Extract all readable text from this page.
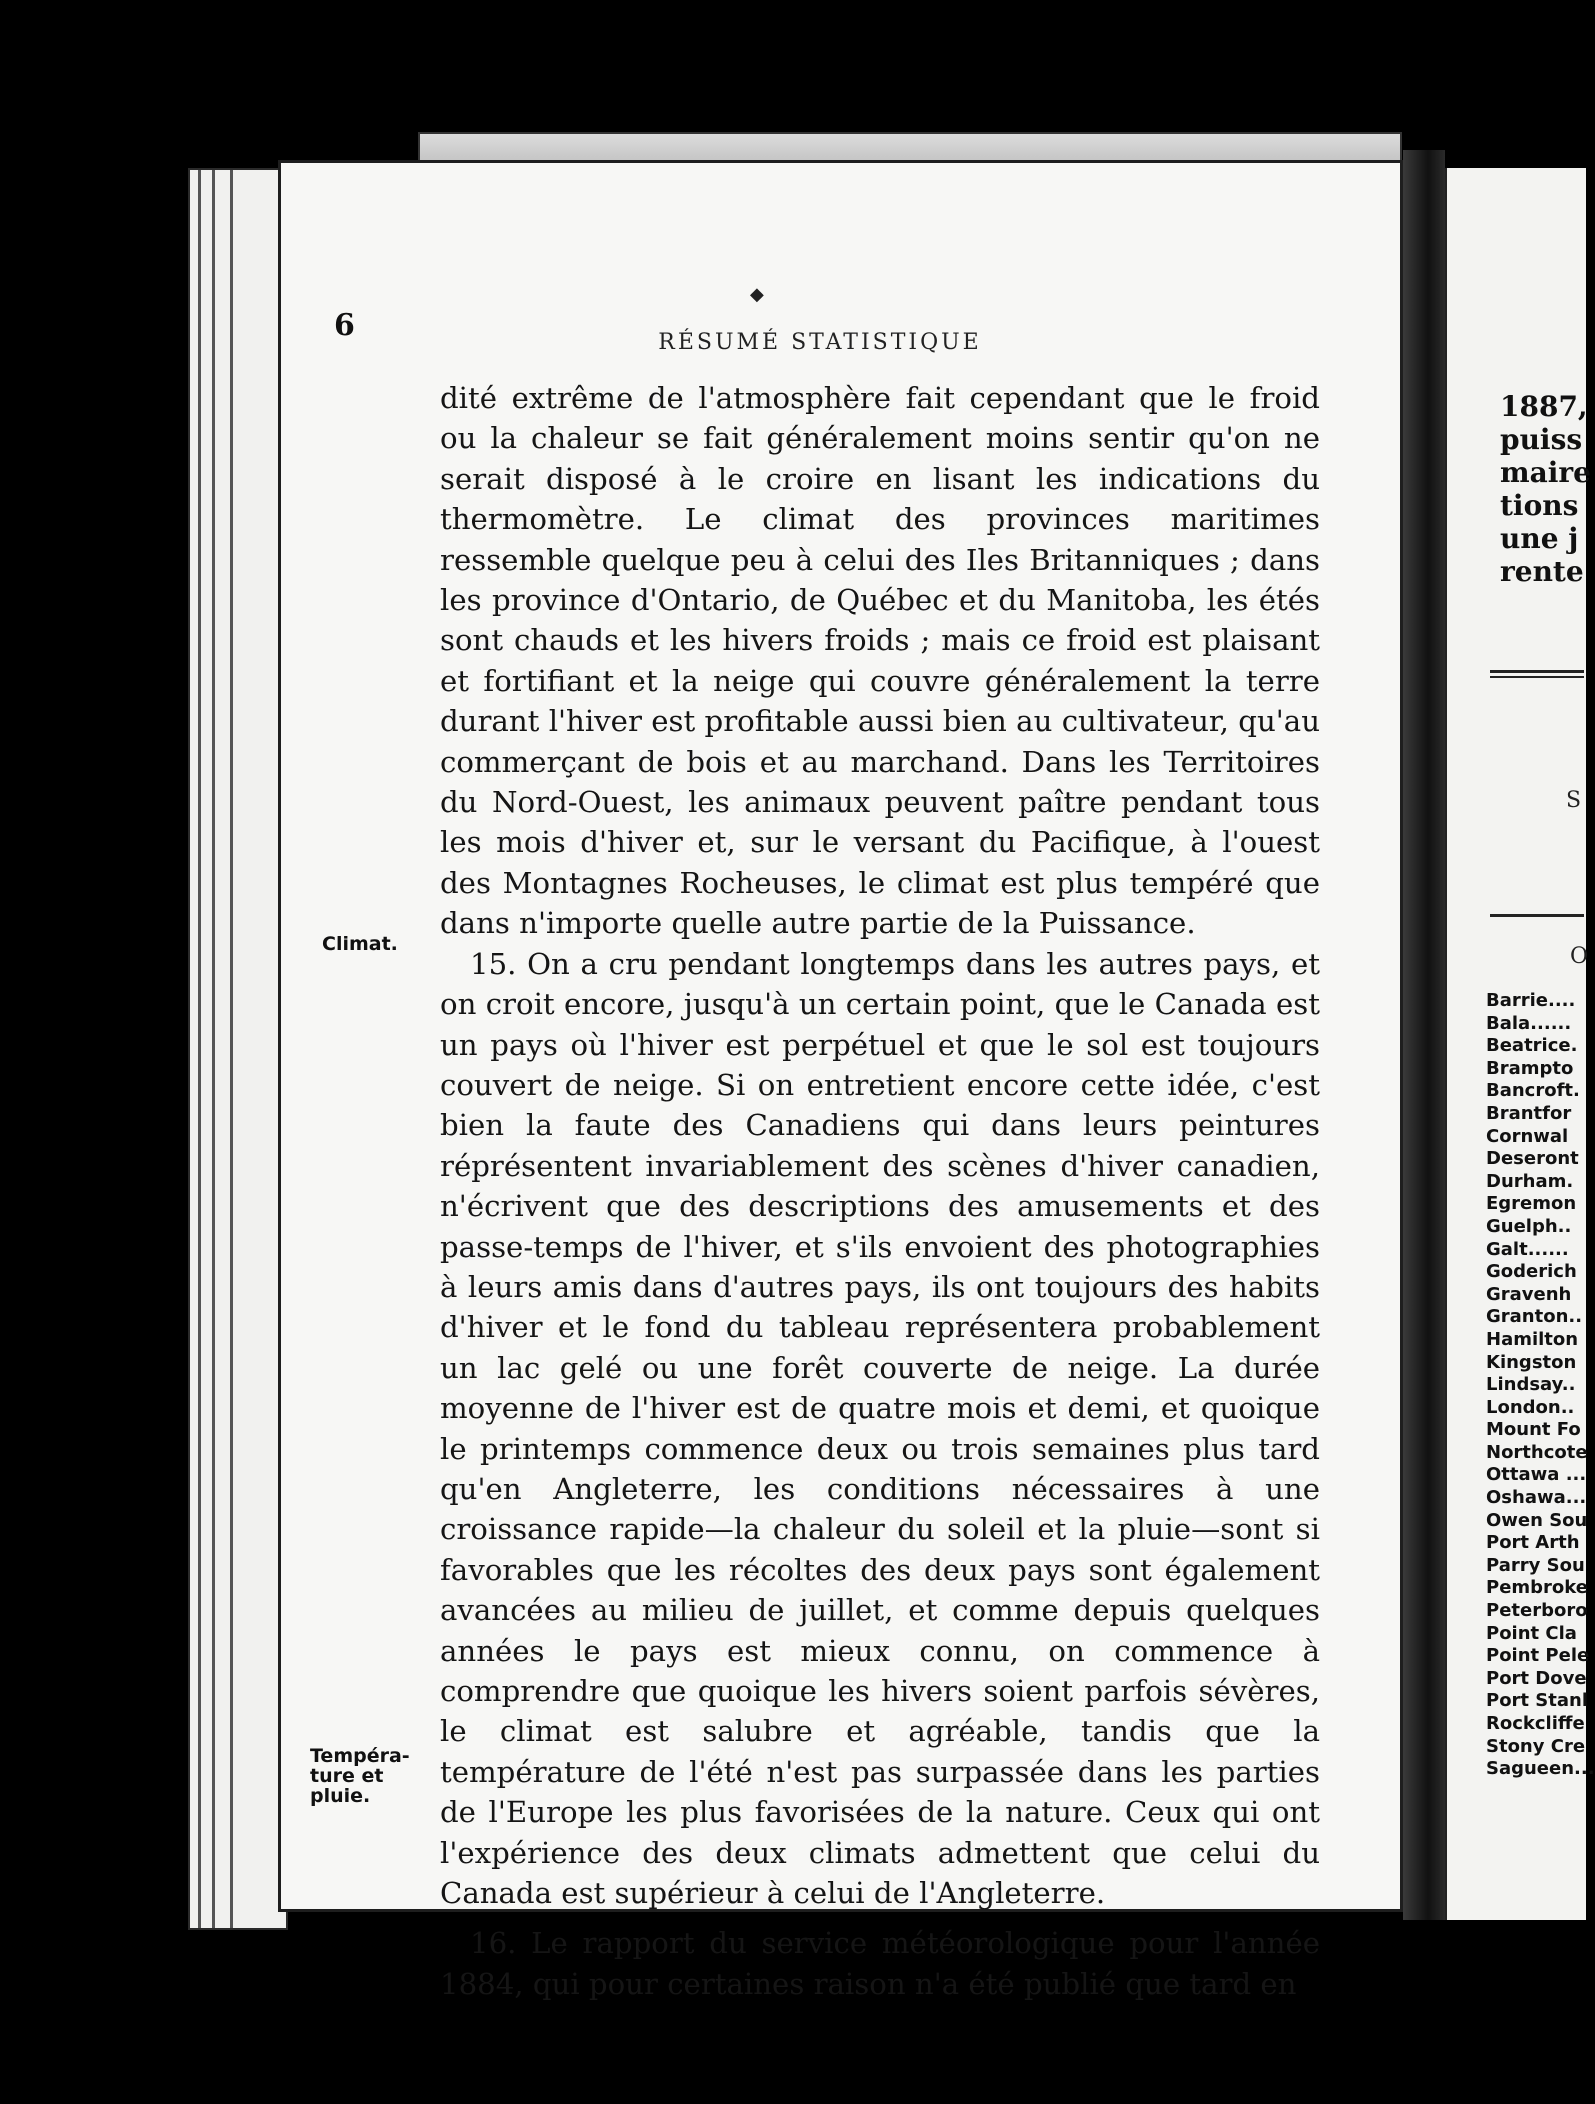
6
◆
RÉSUMÉ STATISTIQUE
Climat.
Tempéra-ture et pluie.

dité extrême de l'atmosphère fait cependant que le froid ou la chaleur se fait généralement moins sentir qu'on ne serait disposé à le croire en lisant les indications du thermomètre. Le climat des provinces maritimes ressemble quelque peu à celui des Iles Britanniques ; dans les province d'Ontario, de Québec et du Manitoba, les étés sont chauds et les hivers froids ; mais ce froid est plaisant et fortifiant et la neige qui couvre généralement la terre durant l'hiver est profitable aussi bien au cultivateur, qu'au commerçant de bois et au marchand. Dans les Territoires du Nord-Ouest, les animaux peuvent paître pendant tous les mois d'hiver et, sur le versant du Pacifique, à l'ouest des Montagnes Rocheuses, le climat est plus tempéré que dans n'importe quelle autre partie de la Puissance.

15. On a cru pendant longtemps dans les autres pays, et on croit encore, jusqu'à un certain point, que le Canada est un pays où l'hiver est perpétuel et que le sol est toujours couvert de neige. Si on entretient encore cette idée, c'est bien la faute des Canadiens qui dans leurs peintures réprésentent invariablement des scènes d'hiver canadien, n'écrivent que des descriptions des amusements et des passe-temps de l'hiver, et s'ils envoient des photographies à leurs amis dans d'autres pays, ils ont toujours des habits d'hiver et le fond du tableau représentera probablement un lac gelé ou une forêt couverte de neige. La durée moyenne de l'hiver est de quatre mois et demi, et quoique le printemps commence deux ou trois semaines plus tard qu'en Angleterre, les conditions nécessaires à une croissance rapide—la chaleur du soleil et la pluie—sont si favorables que les récoltes des deux pays sont également avancées au milieu de juillet, et comme depuis quelques années le pays est mieux connu, on commence à comprendre que quoique les hivers soient parfois sévères, le climat est salubre et agréable, tandis que la température de l'été n'est pas surpassée dans les parties de l'Europe les plus favorisées de la nature. Ceux qui ont l'expérience des deux climats admettent que celui du Canada est supérieur à celui de l'Angleterre.

16. Le rapport du service météorologique pour l'année 1884, qui pour certaines raison n'a été publié que tard en

1887,
puiss
maire
tions
une j
rente
S
O
Barrie....
Bala......
Beatrice.
Brampto
Bancroft.
Brantfor
Cornwal
Deseront
Durham.
Egremon
Guelph..
Galt......
Goderich
Gravenh
Granton..
Hamilton
Kingston
Lindsay..
London..
Mount Fo
Northcote
Ottawa ...
Oshawa...
Owen Sou
Port Arth
Parry Sou
Pembroke
Peterboro
Point Cla
Point Pele
Port Dove
Port Stanl
Rockcliffe
Stony Cre
Sagueen...
